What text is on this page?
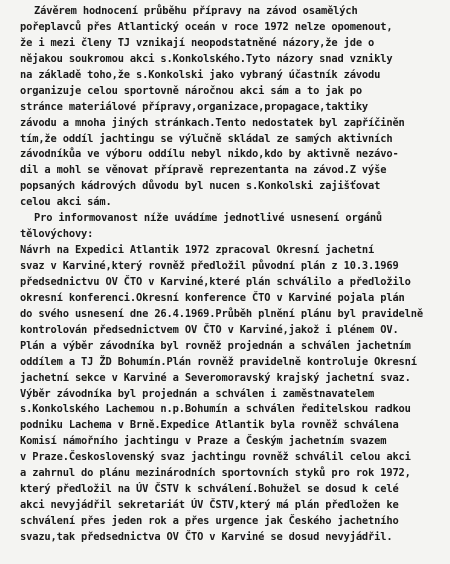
Závěrem hodnocení průběhu přípravy na závod osamělých
pořeplavců přes Atlantický oceán v roce 1972 nelze opomenout,
že i mezi členy TJ vznikají neopodstatněné názory,že jde o
nějakou soukromou akci s.Konkolského.Tyto názory snad vznikly
na základě toho,že s.Konkolski jako vybraný účastník závodu
organizuje celou sportovně náročnou akci sám a to jak po
stránce materiálové přípravy,organizace,propagace,taktiky
závodu a mnoha jiných stránkach.Tento nedostatek byl zapříčiněn
tím,že oddíl jachtingu se výlučně skládal ze samých aktivních
závodníkůa ve výboru oddílu nebyl nikdo,kdo by aktivně nezávo-
dil a mohl se věnovat přípravě reprezentanta na závod.Z výše
popsaných kádrových důvodu byl nucen s.Konkolski zajišťovat
celou akci sám.
Pro informovanost níže uvádíme jednotlivé usnesení orgánů
tělovýchovy:
Návrh na Expedici Atlantik 1972 zpracoval Okresní jachetní
svaz v Karviné,který rovněž předložil původní plán z 10.3.1969
předsednictvu OV ČTO v Karviné,které plán schválilo a předložilo
okresní konferenci.Okresní konference ČTO v Karviné pojala plán
do svého usnesení dne 26.4.1969.Průběh plnění plánu byl pravidelně
kontrolován předsednictvem OV ČTO v Karviné,jakož i plénem OV.
Plán a výběr závodníka byl rovněž projednán a schválen jachetním
oddílem a TJ ŽD Bohumín.Plán rovněž pravidelně kontroluje Okresní
jachetní sekce v Karviné a Severomoravský krajský jachetní svaz.
Výběr závodníka byl projednán a schválen i zaměstnavatelem
s.Konkolského Lachemou n.p.Bohumín a schválen ředitelskou radkou
podniku Lachema v Brně.Expedice Atlantik byla rovněž schválena
Komisí námořního jachtingu v Praze a Českým jachetním svazem
v Praze.Československý svaz jachtingu rovněž schválil celou akci
a zahrnul do plánu mezinárodních sportovních styků pro rok 1972,
který předložil na ÚV ČSTV k schválení.Bohužel se dosud k celé
akci nevyjádřil sekretariát ÚV ČSTV,který má plán předložen ke
schválení přes jeden rok a přes urgence jak Českého jachetního
svazu,tak předsednictva OV ČTO v Karviné se dosud nevyjádřil.
